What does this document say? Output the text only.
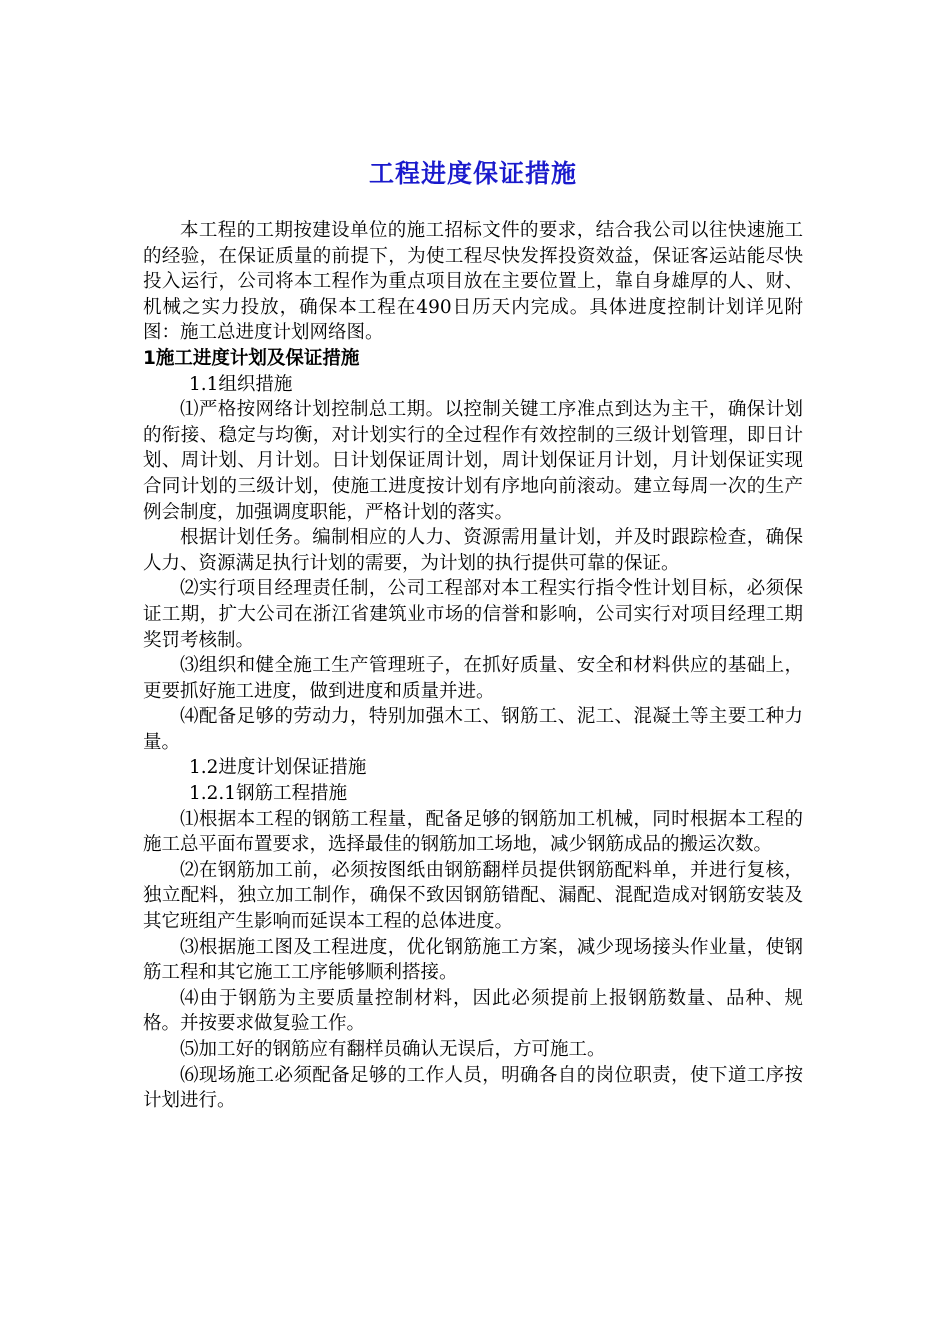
工程进度保证措施

本工程的工期按建设单位的施工招标文件的要求，结合我公司以往快速施工的经验，在保证质量的前提下，为使工程尽快发挥投资效益，保证客运站能尽快投入运行，公司将本工程作为重点项目放在主要位置上，靠自身雄厚的人、财、机械之实力投放，确保本工程在490日历天内完成。具体进度控制计划详见附图：施工总进度计划网络图。

1施工进度计划及保证措施

1.1组织措施

⑴严格按网络计划控制总工期。以控制关键工序准点到达为主干，确保计划的衔接、稳定与均衡，对计划实行的全过程作有效控制的三级计划管理，即日计划、周计划、月计划。日计划保证周计划，周计划保证月计划，月计划保证实现合同计划的三级计划，使施工进度按计划有序地向前滚动。建立每周一次的生产例会制度，加强调度职能，严格计划的落实。

根据计划任务。编制相应的人力、资源需用量计划，并及时跟踪检查，确保人力、资源满足执行计划的需要，为计划的执行提供可靠的保证。

⑵实行项目经理责任制，公司工程部对本工程实行指令性计划目标，必须保证工期，扩大公司在浙江省建筑业市场的信誉和影响，公司实行对项目经理工期奖罚考核制。

⑶组织和健全施工生产管理班子，在抓好质量、安全和材料供应的基础上，更要抓好施工进度，做到进度和质量并进。

⑷配备足够的劳动力，特别加强木工、钢筋工、泥工、混凝土等主要工种力量。

1.2进度计划保证措施

1.2.1钢筋工程措施

⑴根据本工程的钢筋工程量，配备足够的钢筋加工机械，同时根据本工程的施工总平面布置要求，选择最佳的钢筋加工场地，减少钢筋成品的搬运次数。

⑵在钢筋加工前，必须按图纸由钢筋翻样员提供钢筋配料单，并进行复核，独立配料，独立加工制作，确保不致因钢筋错配、漏配、混配造成对钢筋安装及其它班组产生影响而延误本工程的总体进度。

⑶根据施工图及工程进度，优化钢筋施工方案，减少现场接头作业量，使钢筋工程和其它施工工序能够顺利搭接。

⑷由于钢筋为主要质量控制材料，因此必须提前上报钢筋数量、品种、规格。并按要求做复验工作。

⑸加工好的钢筋应有翻样员确认无误后，方可施工。

⑹现场施工必须配备足够的工作人员，明确各自的岗位职责，使下道工序按计划进行。
